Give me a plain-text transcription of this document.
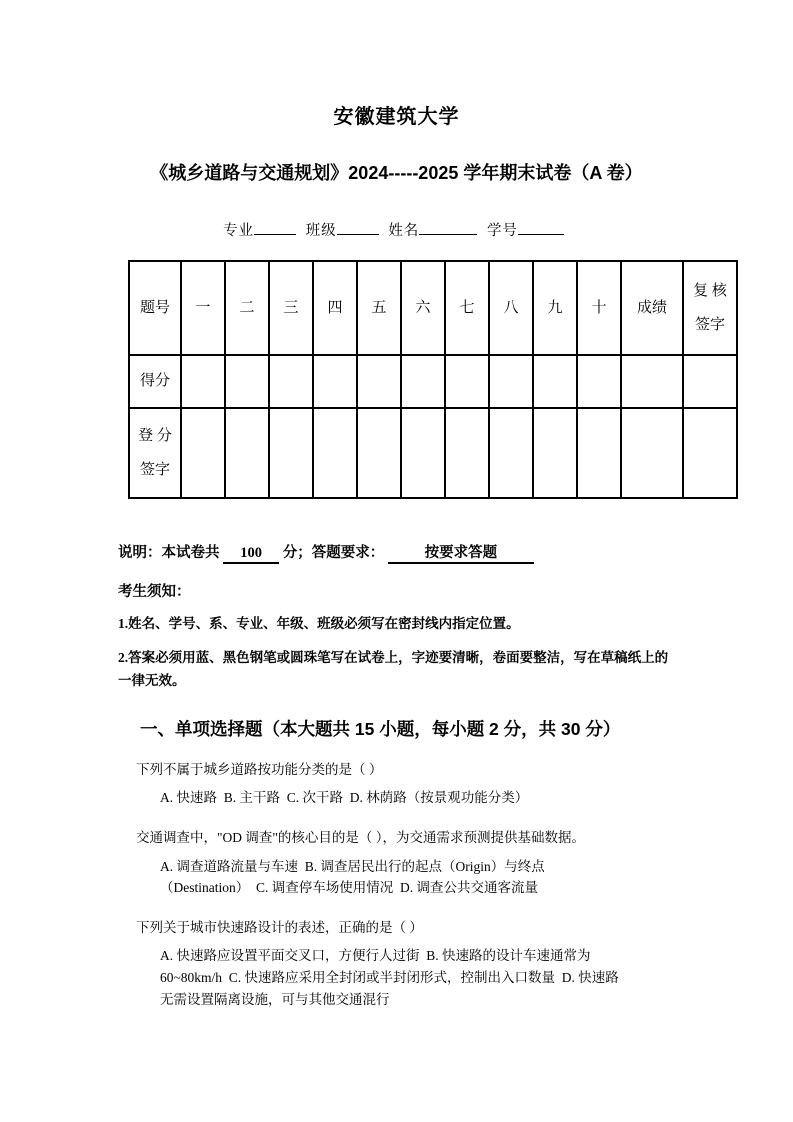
安徽建筑大学
《城乡道路与交通规划》2024-----2025 学年期末试卷（A 卷）
专业	班级	姓名	学号
题号	一	二	三	四	五	六	七	八	九	十	成绩	复 核 签字
得分												
登 分 签字												
说明：本试卷共 100 分；答题要求：	按要求答题
考生须知：
1.姓名、学号、系、专业、年级、班级必须写在密封线内指定位置。
2.答案必须用蓝、黑色钢笔或圆珠笔写在试卷上，字迹要清晰，卷面要整洁，写在草稿纸上的一律无效。
一、单项选择题（本大题共 15 小题，每小题 2 分，共 30 分）
下列不属于城乡道路按功能分类的是（ ）
A. 快速路  B. 主干路  C. 次干路  D. 林荫路（按景观功能分类）
交通调查中，"OD 调查"的核心目的是（ ），为交通需求预测提供基础数据。
A. 调查道路流量与车速  B. 调查居民出行的起点（Origin）与终点（Destination）  C. 调查停车场使用情况  D. 调查公共交通客流量
下列关于城市快速路设计的表述，正确的是（ ）
A. 快速路应设置平面交叉口，方便行人过街  B. 快速路的设计车速通常为 60~80km/h  C. 快速路应采用全封闭或半封闭形式，控制出入口数量  D. 快速路无需设置隔离设施，可与其他交通混行
